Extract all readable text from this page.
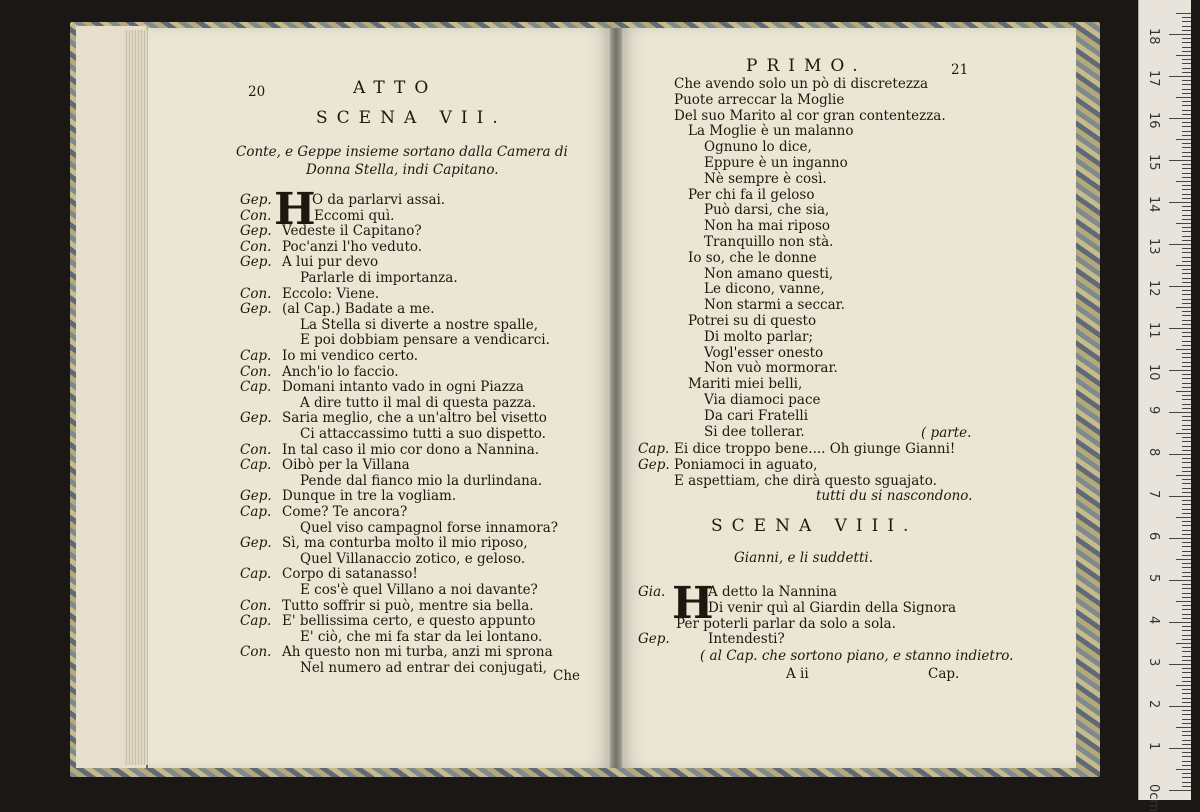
20	ATTO
SCENA VII.
Conte, e Geppe insieme sortano dalla Camera di
Donna Stella, indi Capitano.
H
Gep.	O da parlarvi assai.
Con.	Eccomi quì.
Gep. Vedeste il Capitano?
Con. Poc'anzi l'ho veduto.
Gep. A lui pur devo
Parlarle di importanza.
Con. Eccolo: Viene.
Gep. (al Cap.) Badate a me.
La Stella si diverte a nostre spalle,
E poi dobbiam pensare a vendicarci.
Cap. Io mi vendico certo.
Con. Anch'io lo faccio.
Cap. Domani intanto vado in ogni Piazza
A dire tutto il mal di questa pazza.
Gep. Saria meglio, che a un'altro bel visetto
Ci attaccassimo tutti a suo dispetto.
Con. In tal caso il mio cor dono a Nannina.
Cap. Oibò per la Villana
Pende dal fianco mio la durlindana.
Gep. Dunque in tre la vogliam.
Cap. Come? Te ancora?
Quel viso campagnol forse innamora?
Gep. Sì, ma conturba molto il mio riposo,
Quel Villanaccio zotico, e geloso.
Cap. Corpo di satanasso!
E cos'è quel Villano a noi davante?
Con. Tutto soffrir si può, mentre sia bella.
Cap. E' bellissima certo, e questo appunto
E' ciò, che mi fa star da lei lontano.
Con. Ah questo non mi turba, anzi mi sprona
Nel numero ad entrar dei conjugati, Che
PRIMO.	21
Che avendo solo un pò di discretezza
Puote arreccar la Moglie
Del suo Marito al cor gran contentezza.
La Moglie è un malanno
Ognuno lo dice,
Eppure è un inganno
Nè sempre è così.
Per chi fa il geloso
Può darsi, che sia,
Non ha mai riposo
Tranquillo non stà.
Io so, che le donne
Non amano questi,
Le dicono, vanne,
Non starmi a seccar.
Potrei su di questo
Di molto parlar;
Vogl'esser onesto
Non vuò mormorar.
Mariti miei belli,
Via diamoci pace
Da cari Fratelli
Si dee tollerar.
Cap. Ei dice troppo bene.... Oh giunge Gianni!
Gep. Poniamoci in aguato,
E aspettiam, che dirà questo sguajato.
Gia.	A detto la Nannina
Di venir quì al Giardin della Signora
Per poterli parlar da solo a sola.
Gep.	Intendesti?
( parte.
tutti du si nascondono.
SCENA VIII.
Gianni, e li suddetti.
H
( al Cap. che sortono piano, e stanno indietro.
A ii	Cap.
0cm
1
2
3
4
5
6
7
8
9
10
11
12
13
14
15
16
17
18
